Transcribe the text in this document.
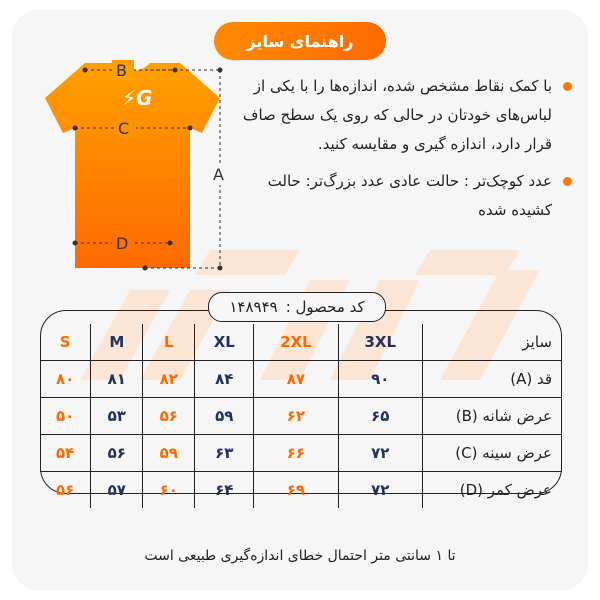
راهنمای سایز
⚡G
B
C
A
D
با کمک نقاط مشخص شده، اندازه‌ها را با یکی از لباس‌های خودتان در حالی که روی یک سطح صاف قرار دارد، اندازه گیری و مقایسه کنید.
عدد کوچک‌تر : حالت عادی عدد بزرگ‌تر: حالت کشیده شده
کد محصول :
۱۴۸۹۴۹
S	M	L	XL	2XL	3XL	سایز
۸۰	۸۱	۸۲	۸۴	۸۷	۹۰	قد (A)
۵۰	۵۳	۵۶	۵۹	۶۲	۶۵	عرض شانه (B)
۵۴	۵۶	۵۹	۶۳	۶۶	۷۲	عرض سینه (C)
۵۶	۵۷	۶۰	۶۴	۶۹	۷۲	عرض کمر (D)
تا ۱ سانتی متر احتمال خطای اندازه‌گیری طبیعی است
